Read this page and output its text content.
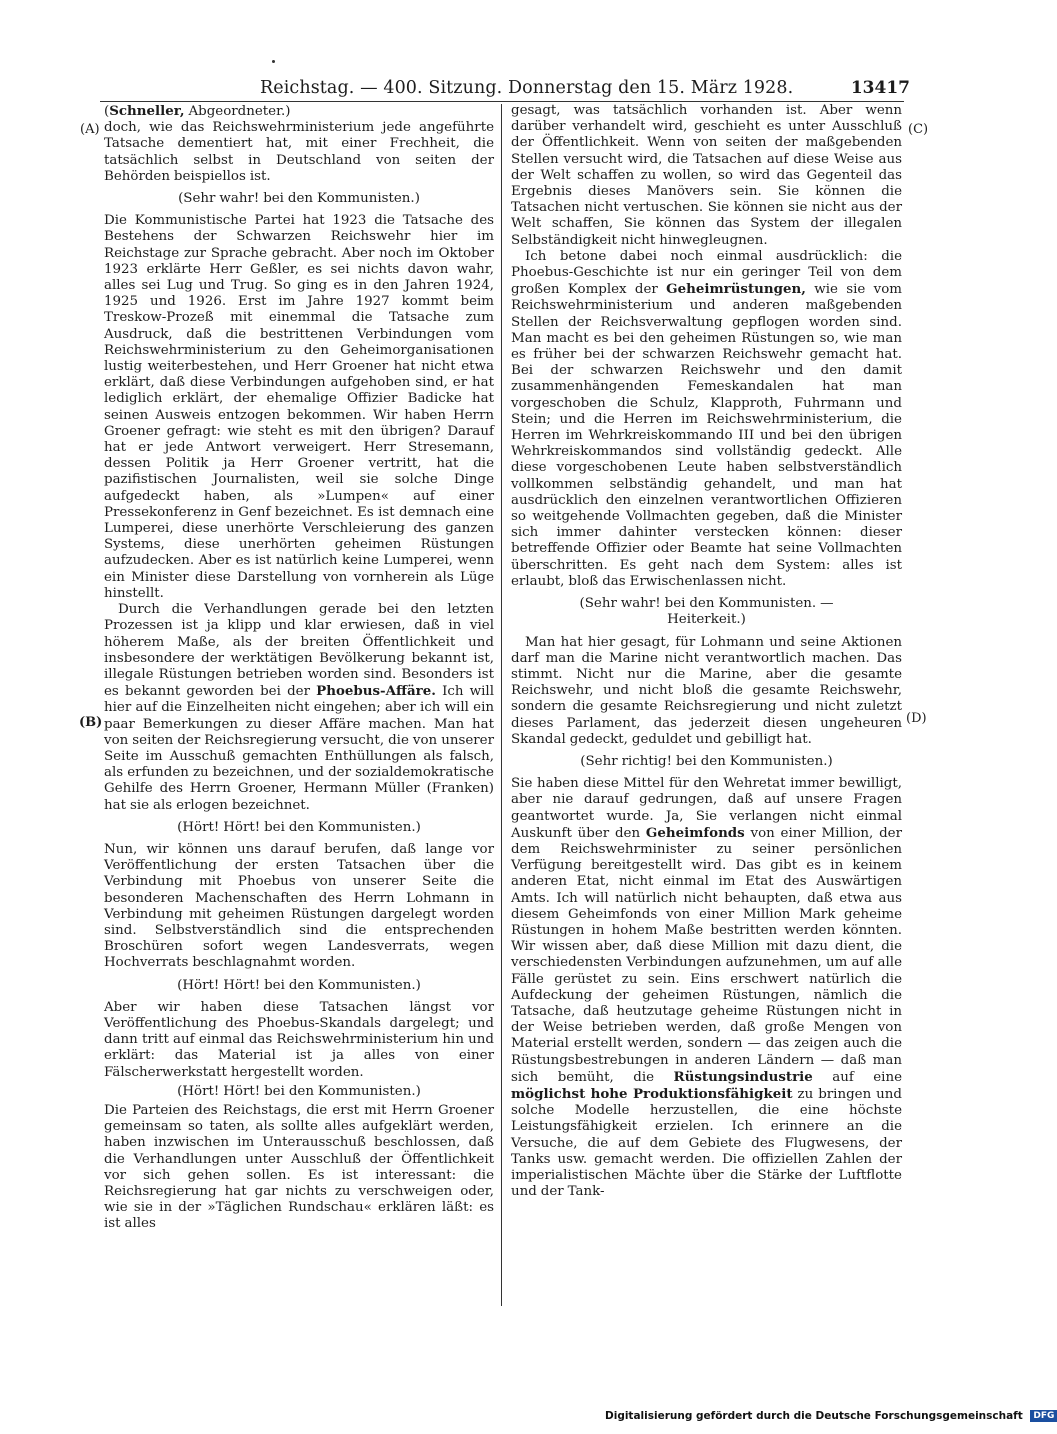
Reichstag. — 400. Sitzung. Donnerstag den 15. März 1928.	13417
(A)
(B)
(C)
(D)

(Schneller, Abgeordneter.)

doch, wie das Reichswehrministerium jede angeführte Tatsache dementiert hat, mit einer Frechheit, die tatsächlich selbst in Deutschland von seiten der Behörden beispiellos ist.

(Sehr wahr! bei den Kommunisten.)

Die Kommunistische Partei hat 1923 die Tatsache des Bestehens der Schwarzen Reichswehr hier im Reichstage zur Sprache gebracht. Aber noch im Oktober 1923 erklärte Herr Geßler, es sei nichts davon wahr, alles sei Lug und Trug. So ging es in den Jahren 1924, 1925 und 1926. Erst im Jahre 1927 kommt beim Treskow-Prozeß mit einemmal die Tatsache zum Ausdruck, daß die bestrittenen Verbindungen vom Reichswehrministerium zu den Geheimorganisationen lustig weiterbestehen, und Herr Groener hat nicht etwa erklärt, daß diese Verbindungen aufgehoben sind, er hat lediglich erklärt, der ehemalige Offizier Badicke hat seinen Ausweis entzogen bekommen. Wir haben Herrn Groener gefragt: wie steht es mit den übrigen? Darauf hat er jede Antwort verweigert. Herr Stresemann, dessen Politik ja Herr Groener vertritt, hat die pazifistischen Journalisten, weil sie solche Dinge aufgedeckt haben, als »Lumpen« auf einer Pressekonferenz in Genf bezeichnet. Es ist demnach eine Lumperei, diese unerhörte Verschleierung des ganzen Systems, diese unerhörten geheimen Rüstungen aufzudecken. Aber es ist natürlich keine Lumperei, wenn ein Minister diese Darstellung von vornherein als Lüge hinstellt.

Durch die Verhandlungen gerade bei den letzten Prozessen ist ja klipp und klar erwiesen, daß in viel höherem Maße, als der breiten Öffentlichkeit und insbesondere der werktätigen Bevölkerung bekannt ist, illegale Rüstungen betrieben worden sind. Besonders ist es bekannt geworden bei der Phoebus-Affäre. Ich will hier auf die Einzelheiten nicht eingehen; aber ich will ein paar Bemerkungen zu dieser Affäre machen. Man hat von seiten der Reichsregierung versucht, die von unserer Seite im Ausschuß gemachten Enthüllungen als falsch, als erfunden zu bezeichnen, und der sozialdemokratische Gehilfe des Herrn Groener, Hermann Müller (Franken) hat sie als erlogen bezeichnet.

(Hört! Hört! bei den Kommunisten.)

Nun, wir können uns darauf berufen, daß lange vor Veröffentlichung der ersten Tatsachen über die Verbindung mit Phoebus von unserer Seite die besonderen Machenschaften des Herrn Lohmann in Verbindung mit geheimen Rüstungen dargelegt worden sind. Selbstverständlich sind die entsprechenden Broschüren sofort wegen Landesverrats, wegen Hochverrats beschlagnahmt worden.

(Hört! Hört! bei den Kommunisten.)

Aber wir haben diese Tatsachen längst vor Veröffentlichung des Phoebus-Skandals dargelegt; und dann tritt auf einmal das Reichswehrministerium hin und erklärt: das Material ist ja alles von einer Fälscherwerkstatt hergestellt worden.

(Hört! Hört! bei den Kommunisten.)

Die Parteien des Reichstags, die erst mit Herrn Groener gemeinsam so taten, als sollte alles aufgeklärt werden, haben inzwischen im Unterausschuß beschlossen, daß die Verhandlungen unter Ausschluß der Öffentlichkeit vor sich gehen sollen. Es ist interessant: die Reichsregierung hat gar nichts zu verschweigen oder, wie sie in der »Täglichen Rundschau« erklären läßt: es ist alles

gesagt, was tatsächlich vorhanden ist. Aber wenn darüber verhandelt wird, geschieht es unter Ausschluß der Öffentlichkeit. Wenn von seiten der maßgebenden Stellen versucht wird, die Tatsachen auf diese Weise aus der Welt schaffen zu wollen, so wird das Gegenteil das Ergebnis dieses Manövers sein. Sie können die Tatsachen nicht vertuschen. Sie können sie nicht aus der Welt schaffen, Sie können das System der illegalen Selbständigkeit nicht hinwegleugnen.

Ich betone dabei noch einmal ausdrücklich: die Phoebus-Geschichte ist nur ein geringer Teil von dem großen Komplex der Geheimrüstungen, wie sie vom Reichswehrministerium und anderen maßgebenden Stellen der Reichsverwaltung gepflogen worden sind. Man macht es bei den geheimen Rüstungen so, wie man es früher bei der schwarzen Reichswehr gemacht hat. Bei der schwarzen Reichswehr und den damit zusammenhängenden Femeskandalen hat man vorgeschoben die Schulz, Klapproth, Fuhrmann und Stein; und die Herren im Reichswehrministerium, die Herren im Wehrkreiskommando III und bei den übrigen Wehrkreiskommandos sind vollständig gedeckt. Alle diese vorgeschobenen Leute haben selbstverständlich vollkommen selbständig gehandelt, und man hat ausdrücklich den einzelnen verantwortlichen Offizieren so weitgehende Vollmachten gegeben, daß die Minister sich immer dahinter verstecken können: dieser betreffende Offizier oder Beamte hat seine Vollmachten überschritten. Es geht nach dem System: alles ist erlaubt, bloß das Erwischenlassen nicht.

(Sehr wahr! bei den Kommunisten. —

Heiterkeit.)

Man hat hier gesagt, für Lohmann und seine Aktionen darf man die Marine nicht verantwortlich machen. Das stimmt. Nicht nur die Marine, aber die gesamte Reichswehr, und nicht bloß die gesamte Reichswehr, sondern die gesamte Reichsregierung und nicht zuletzt dieses Parlament, das jederzeit diesen ungeheuren Skandal gedeckt, geduldet und gebilligt hat.

(Sehr richtig! bei den Kommunisten.)

Sie haben diese Mittel für den Wehretat immer bewilligt, aber nie darauf gedrungen, daß auf unsere Fragen geantwortet wurde. Ja, Sie verlangen nicht einmal Auskunft über den Geheimfonds von einer Million, der dem Reichswehrminister zu seiner persönlichen Verfügung bereitgestellt wird. Das gibt es in keinem anderen Etat, nicht einmal im Etat des Auswärtigen Amts. Ich will natürlich nicht behaupten, daß etwa aus diesem Geheimfonds von einer Million Mark geheime Rüstungen in hohem Maße bestritten werden könnten. Wir wissen aber, daß diese Million mit dazu dient, die verschiedensten Verbindungen aufzunehmen, um auf alle Fälle gerüstet zu sein. Eins erschwert natürlich die Aufdeckung der geheimen Rüstungen, nämlich die Tatsache, daß heutzutage geheime Rüstungen nicht in der Weise betrieben werden, daß große Mengen von Material erstellt werden, sondern — das zeigen auch die Rüstungsbestrebungen in anderen Ländern — daß man sich bemüht, die Rüstungsindustrie auf eine möglichst hohe Produktionsfähigkeit zu bringen und solche Modelle herzustellen, die eine höchste Leistungsfähigkeit erzielen. Ich erinnere an die Versuche, die auf dem Gebiete des Flugwesens, der Tanks usw. gemacht werden. Die offiziellen Zahlen der imperialistischen Mächte über die Stärke der Luftflotte und der Tank-

Digitalisierung gefördert durch die Deutsche Forschungsgemeinschaft DFG
